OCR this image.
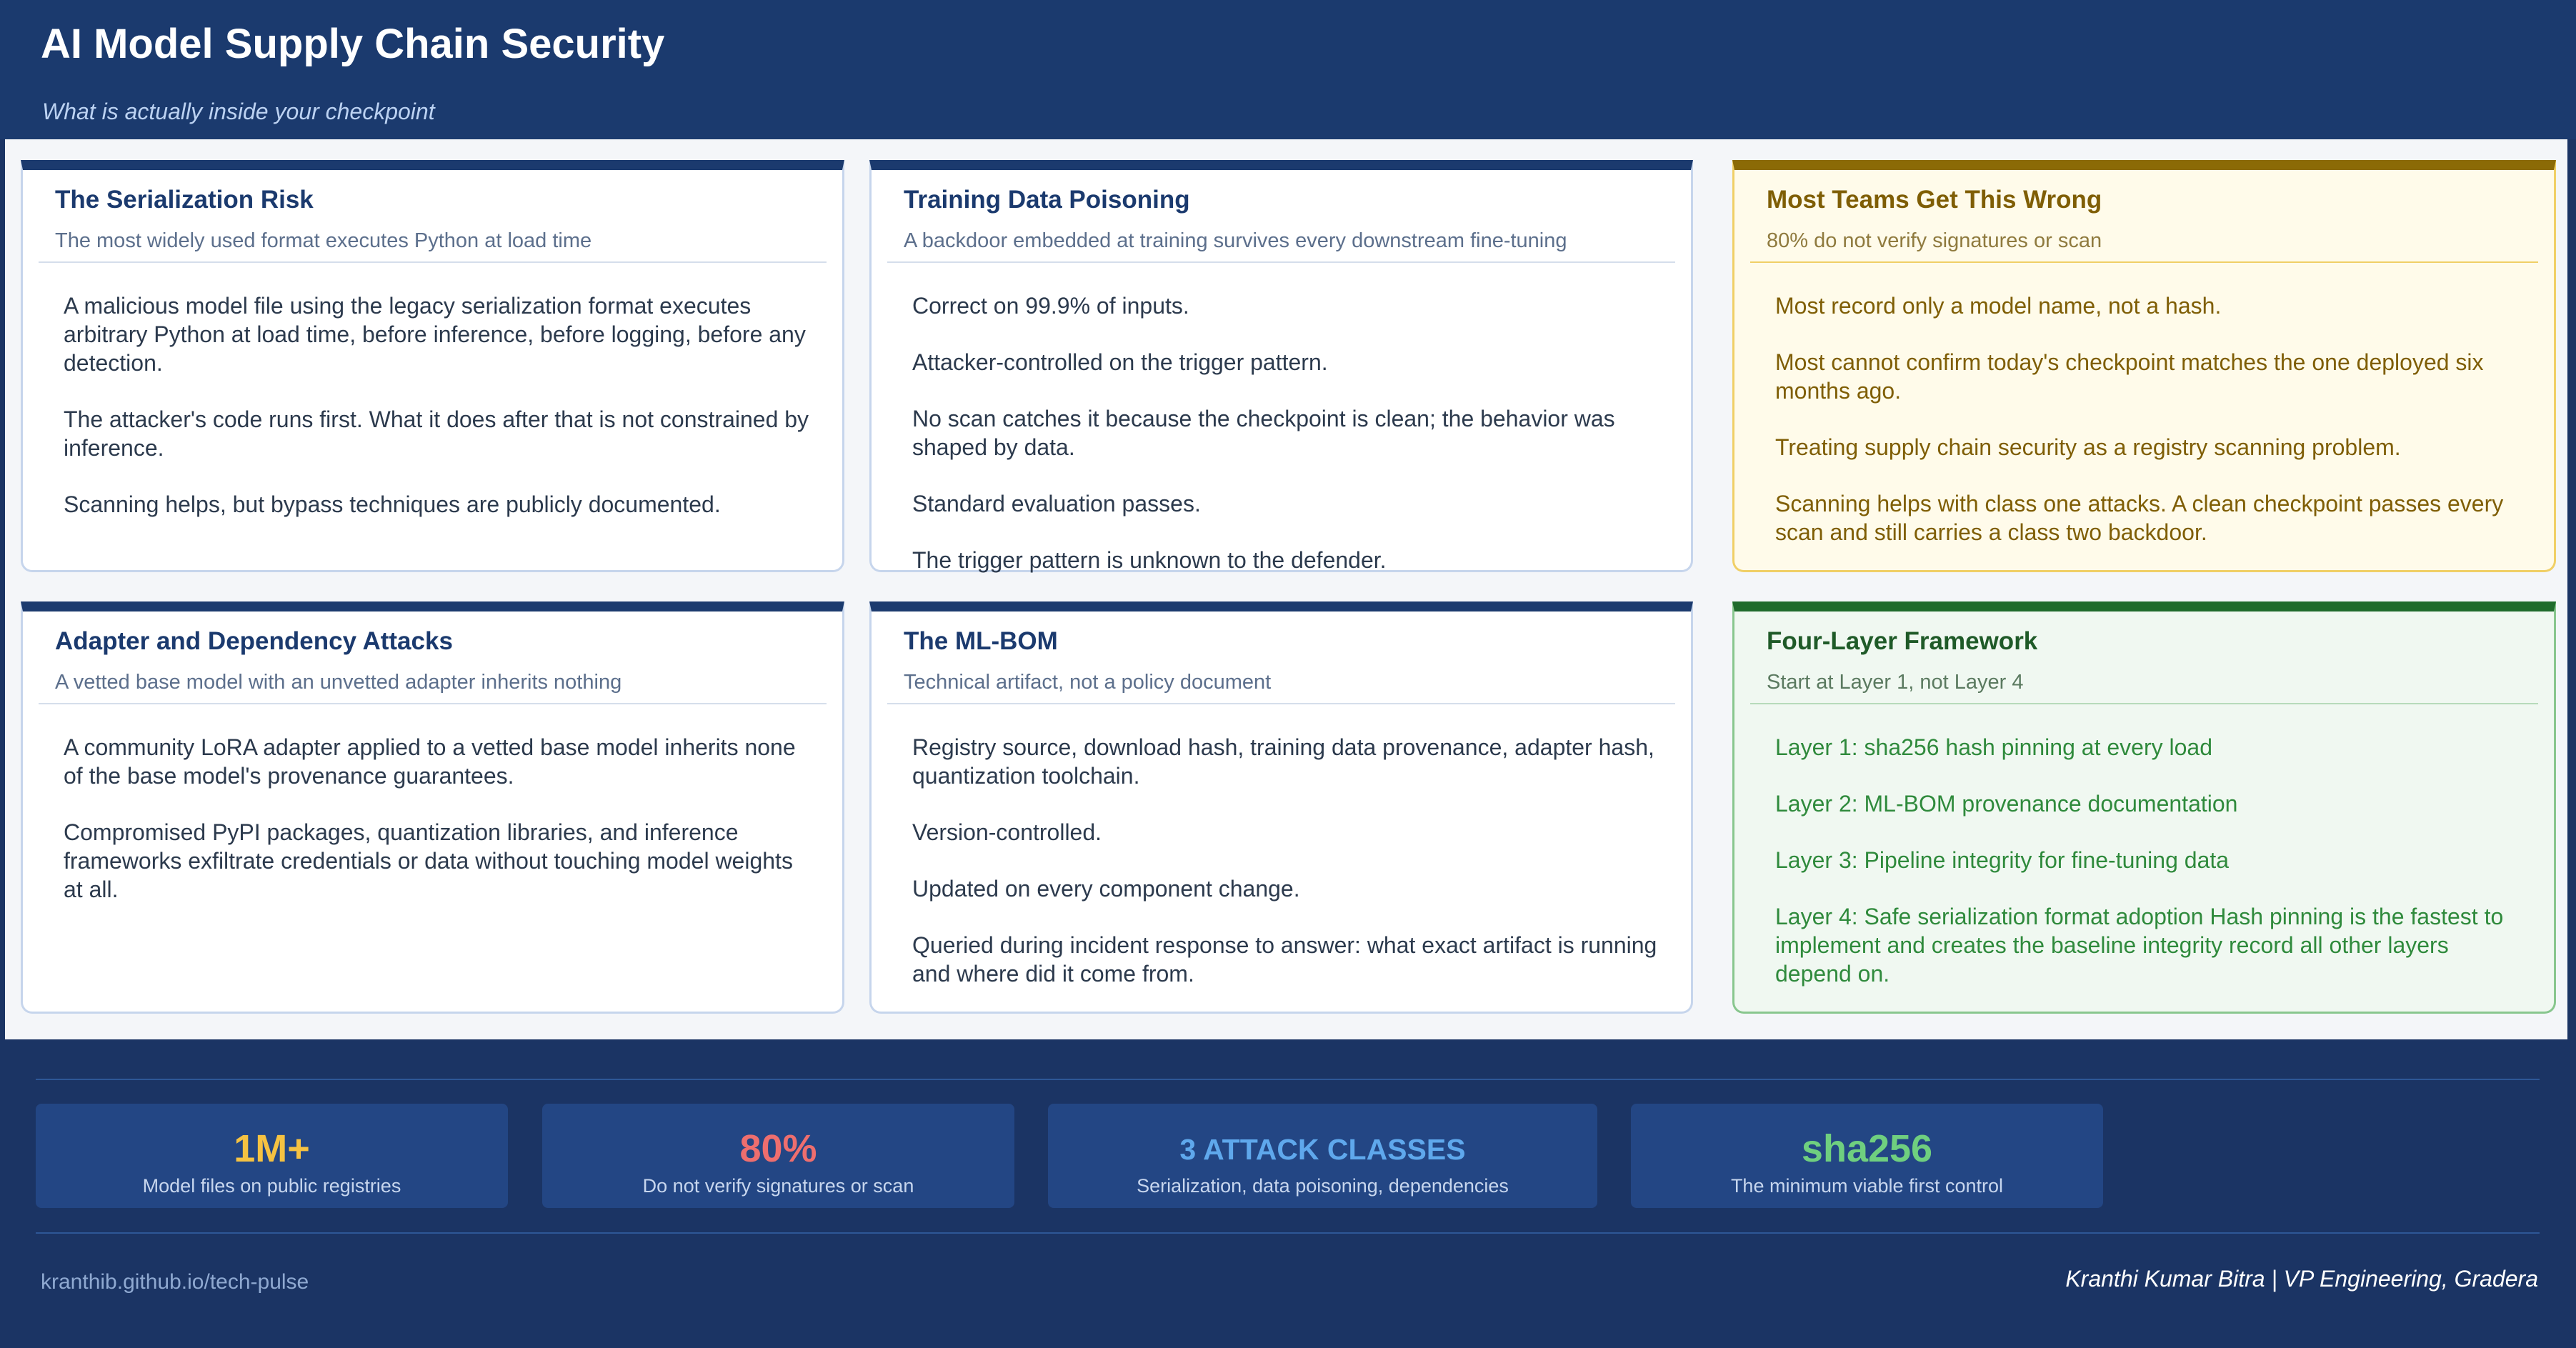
AI Model Supply Chain Security
What is actually inside your checkpoint
The Serialization Risk
The most widely used format executes Python at load time

A malicious model file using the legacy serialization format executes arbitrary Python at load time, before inference, before logging, before any detection.

The attacker's code runs first. What it does after that is not constrained by inference.

Scanning helps, but bypass techniques are publicly documented.

Training Data Poisoning
A backdoor embedded at training survives every downstream fine-tuning

Correct on 99.9% of inputs.

Attacker-controlled on the trigger pattern.

No scan catches it because the checkpoint is clean; the behavior was shaped by data.

Standard evaluation passes.

The trigger pattern is unknown to the defender.

Most Teams Get This Wrong
80% do not verify signatures or scan

Most record only a model name, not a hash.

Most cannot confirm today's checkpoint matches the one deployed six months ago.

Treating supply chain security as a registry scanning problem.

Scanning helps with class one attacks. A clean checkpoint passes every scan and still carries a class two backdoor.

Adapter and Dependency Attacks
A vetted base model with an unvetted adapter inherits nothing

A community LoRA adapter applied to a vetted base model inherits none of the base model's provenance guarantees.

Compromised PyPI packages, quantization libraries, and inference frameworks exfiltrate credentials or data without touching model weights at all.

The ML-BOM
Technical artifact, not a policy document

Registry source, download hash, training data provenance, adapter hash, quantization toolchain.

Version-controlled.

Updated on every component change.

Queried during incident response to answer: what exact artifact is running and where did it come from.

Four-Layer Framework
Start at Layer 1, not Layer 4

Layer 1: sha256 hash pinning at every load

Layer 2: ML-BOM provenance documentation

Layer 3: Pipeline integrity for fine-tuning data

Layer 4: Safe serialization format adoption Hash pinning is the fastest to implement and creates the baseline integrity record all other layers depend on.

1M+
Model files on public registries
80%
Do not verify signatures or scan
3 ATTACK CLASSES
Serialization, data poisoning, dependencies
sha256
The minimum viable first control
kranthib.github.io/tech-pulse	Kranthi Kumar Bitra | VP Engineering, Gradera
